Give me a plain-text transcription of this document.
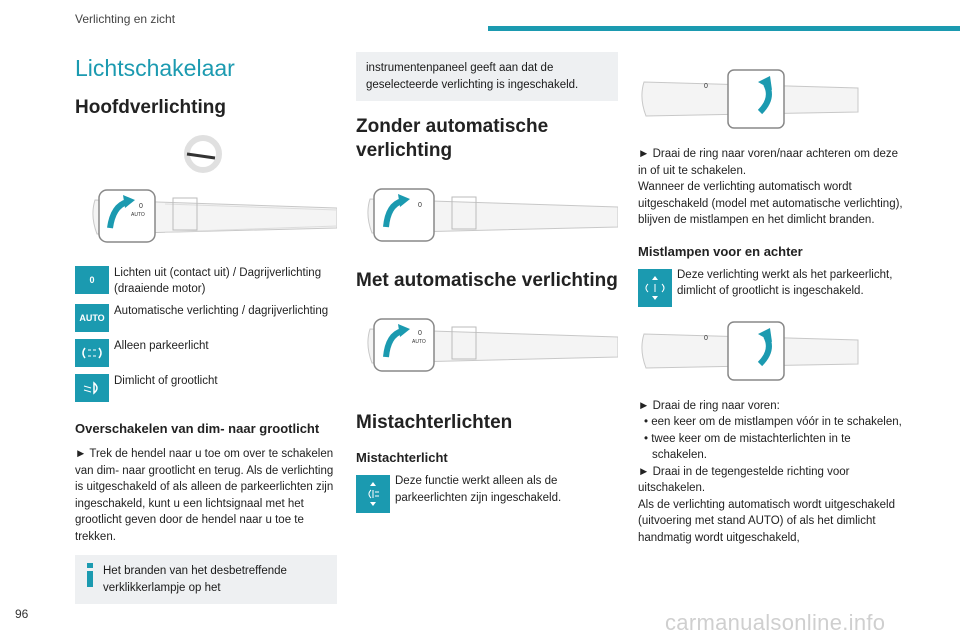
Verlichting en zicht
Lichtschakelaar
Hoofdverlichting
0
AUTO
0
Lichten uit (contact uit) / Dagrijverlichting (draaiende motor)
AUTO
Automatische verlichting / dagrijverlichting
Alleen parkeerlicht
Dimlicht of grootlicht
Overschakelen van dim- naar grootlicht
► Trek de hendel naar u toe om over te schakelen van dim- naar grootlicht en terug. Als de verlichting is uitgeschakeld of als alleen de parkeerlichten zijn ingeschakeld, kunt u een lichtsignaal met het grootlicht geven door de hendel naar u toe te trekken.
Het branden van het desbetreffende verklikkerlampje op het
instrumentenpaneel geeft aan dat de geselecteerde verlichting is ingeschakeld.
Zonder automatische verlichting
0
Met automatische verlichting
0
AUTO
Mistachterlichten
Mistachterlicht
Deze functie werkt alleen als de parkeerlichten zijn ingeschakeld.
0
► Draai de ring naar voren/naar achteren om deze in of uit te schakelen.
Wanneer de verlichting automatisch wordt uitgeschakeld (model met automatische verlichting), blijven de mistlampen en het dimlicht branden.
Mistlampen voor en achter
Deze verlichting werkt als het parkeerlicht, dimlicht of grootlicht is ingeschakeld.
0
► Draai de ring naar voren:
• een keer om de mistlampen vóór in te schakelen,
• twee keer om de mistachterlichten in te schakelen.
► Draai in de tegengestelde richting voor uitschakelen.
Als de verlichting automatisch wordt uitgeschakeld (uitvoering met stand AUTO) of als het dimlicht handmatig wordt uitgeschakeld,
96	carmanualsonline.info
